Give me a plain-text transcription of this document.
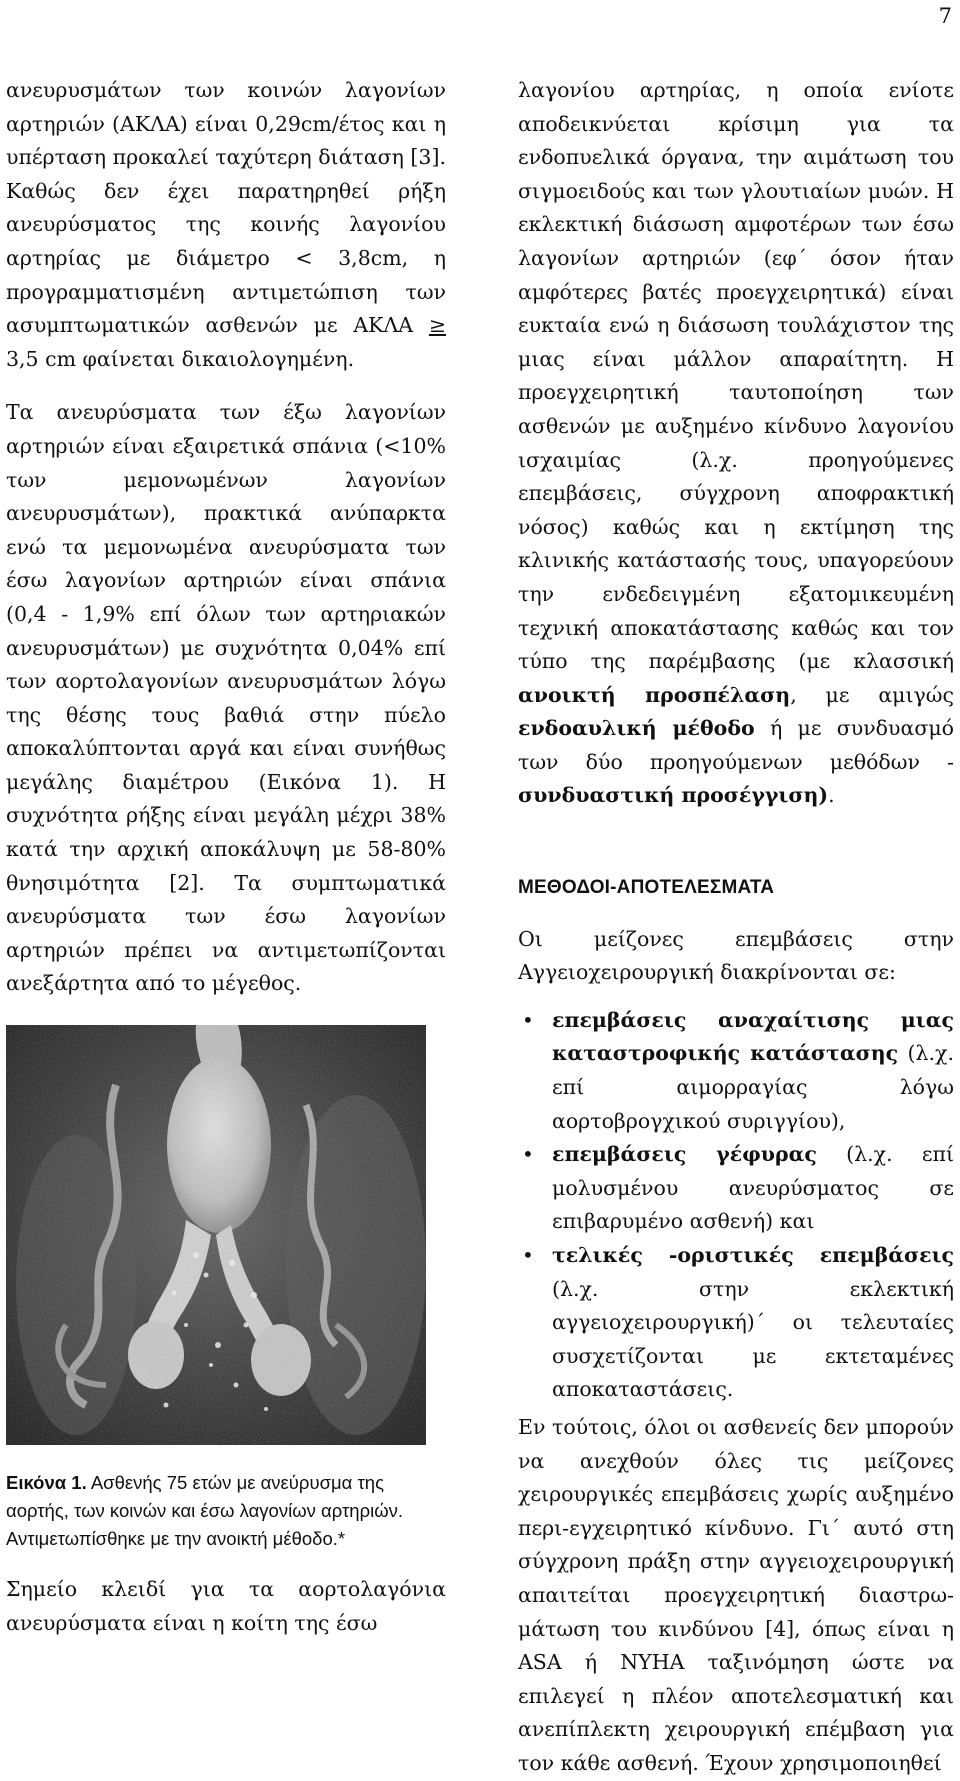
7

ανευρυσμάτων των κοινών λαγονίων αρτηριών (ΑΚΛΑ) είναι 0,29cm/έτος και η υπέρταση προκαλεί ταχύτερη διάταση [3]. Καθώς δεν έχει παρατηρηθεί ρήξη ανευρύσματος της κοινής λαγονίου αρτηρίας με διάμετρο < 3,8cm, η προγραμματισμένη αντιμετώπιση των ασυμπτωματικών ασθενών με ΑΚΛΑ ≥ 3,5 cm φαίνεται δικαιολογημένη.

Τα ανευρύσματα των έξω λαγονίων αρτηριών είναι εξαιρετικά σπάνια (<10% των μεμονωμένων λαγονίων ανευρυσμάτων), πρακτικά ανύπαρκτα ενώ τα μεμονωμένα ανευρύσματα των έσω λαγονίων αρτηριών είναι σπάνια (0,4 - 1,9% επί όλων των αρτηριακών ανευρυσμάτων) με συχνότητα 0,04% επί των αορτολαγονίων ανευρυσμάτων λόγω της θέσης τους βαθιά στην πύελο αποκαλύπτονται αργά και είναι συνήθως μεγάλης διαμέτρου (Εικόνα 1). Η συχνότητα ρήξης είναι μεγάλη μέχρι 38% κατά την αρχική αποκάλυψη με 58-80% θνησιμότητα [2]. Τα συμπτωματικά ανευρύσματα των έσω λαγονίων αρτηριών πρέπει να αντιμετωπίζονται ανεξάρτητα από το μέγεθος.

Εικόνα 1. Ασθενής 75 ετών με ανεύρυσμα της αορτής, των κοινών και έσω λαγονίων αρτηριών. Αντιμετωπίσθηκε με την ανοικτή μέθοδο.*

Σημείο κλειδί για τα αορτολαγόνια ανευρύσματα είναι η κοίτη της έσω

λαγονίου αρτηρίας, η οποία ενίοτε αποδεικνύεται κρίσιμη για τα ενδοπυελικά όργανα, την αιμάτωση του σιγμοειδούς και των γλουτιαίων μυών. Η εκλεκτική διάσωση αμφοτέρων των έσω λαγονίων αρτηριών (εφ΄ όσον ήταν αμφότερες βατές προεγχειρητικά) είναι ευκταία ενώ η διάσωση τουλάχιστον της μιας είναι μάλλον απαραίτητη. Η προεγχειρητική ταυτοποίηση των ασθενών με αυξημένο κίνδυνο λαγονίου ισχαιμίας (λ.χ. προηγούμενες επεμβάσεις, σύγχρονη αποφρακτική νόσος) καθώς και η εκτίμηση της κλινικής κατάστασής τους, υπαγορεύουν την ενδεδειγμένη εξατομικευμένη τεχνική αποκατάστασης καθώς και τον τύπο της παρέμβασης (με κλασσική ανοικτή προσπέλαση, με αμιγώς ενδοαυλική μέθοδο ή με συνδυασμό των δύο προηγούμενων μεθόδων - συνδυαστική προσέγγιση).

ΜΕΘΟΔΟΙ-ΑΠΟΤΕΛΕΣΜΑΤΑ

Οι μείζονες επεμβάσεις στην Αγγειοχειρουργική διακρίνονται σε:

• επεμβάσεις αναχαίτισης μιας καταστροφικής κατάστασης (λ.χ. επί αιμορραγίας λόγω αορτοβρογχικού συριγγίου),
• επεμβάσεις γέφυρας (λ.χ. επί μολυσμένου ανευρύσματος σε επιβαρυμένο ασθενή) και
• τελικές -οριστικές επεμβάσεις (λ.χ. στην εκλεκτική αγγειοχειρουργική)΄ οι τελευταίες συσχετίζονται με εκτεταμένες αποκαταστάσεις.

Εν τούτοις, όλοι οι ασθενείς δεν μπορούν να ανεχθούν όλες τις μείζονες χειρουργικές επεμβάσεις χωρίς αυξημένο περι-εγχειρητικό κίνδυνο. Γι΄ αυτό στη σύγχρονη πράξη στην αγγειοχειρουργική απαιτείται προεγχειρητική διαστρω-μάτωση του κινδύνου [4], όπως είναι η ASA ή NYHA ταξινόμηση ώστε να επιλεγεί η πλέον αποτελεσματική και ανεπίπλεκτη χειρουργική επέμβαση για τον κάθε ασθενή. Έχουν χρησιμοποιηθεί
